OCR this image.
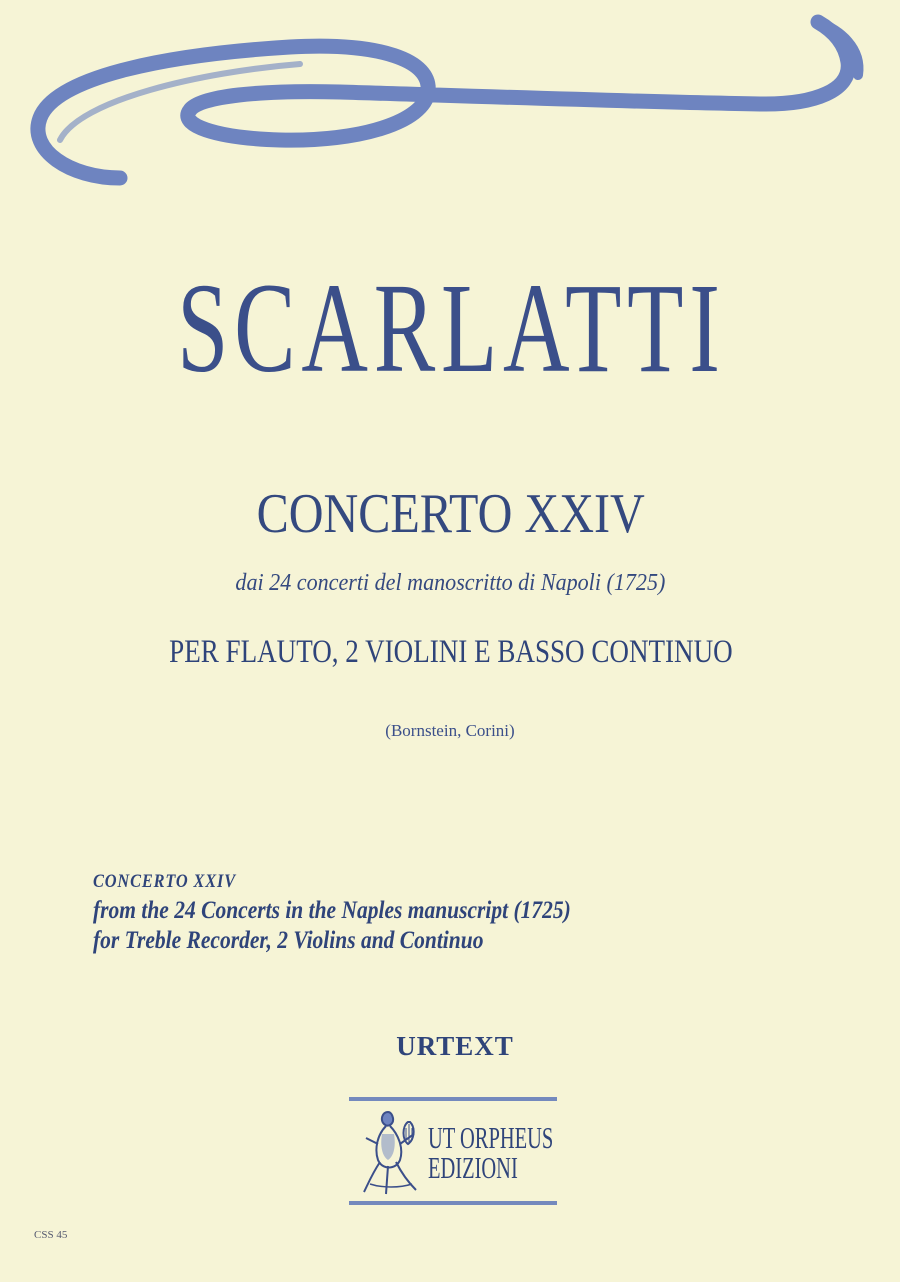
SCARLATTI
CONCERTO XXIV
dai 24 concerti del manoscritto di Napoli (1725)
PER FLAUTO, 2 VIOLINI E BASSO CONTINUO
(Bornstein, Corini)
CONCERTO XXIV
from the 24 Concerts in the Naples manuscript (1725)
for Treble Recorder, 2 Violins and Continuo
URTEXT
UT ORPHEUS
EDIZIONI
CSS 45
